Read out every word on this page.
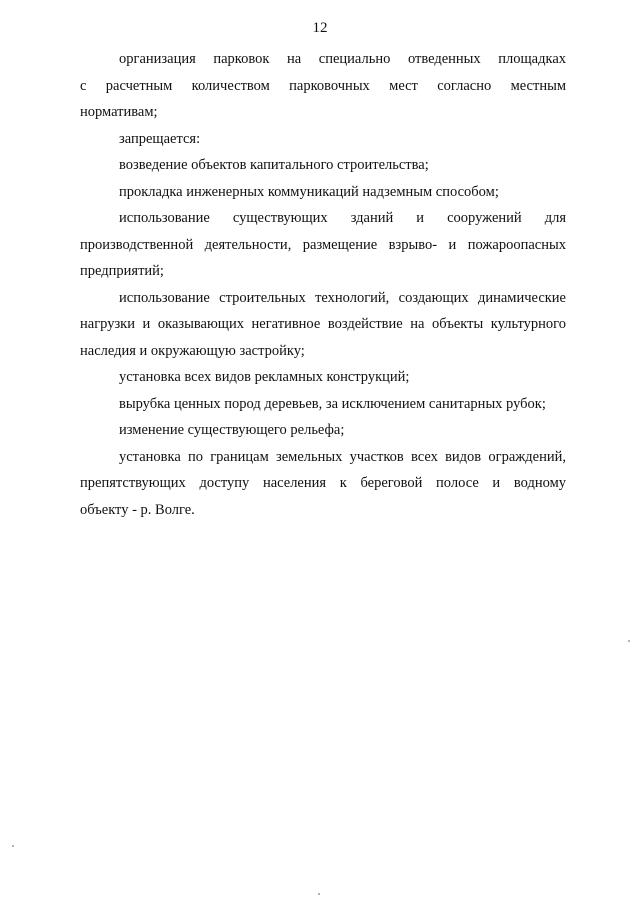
12
организация парковок на специально отведенных площадках
с расчетным количеством парковочных мест согласно местным
нормативам;
запрещается:
возведение объектов капитального строительства;
прокладка инженерных коммуникаций надземным способом;
использование существующих зданий и сооружений для
производственной деятельности, размещение взрыво- и пожароопасных
предприятий;
использование строительных технологий, создающих динамические
нагрузки и оказывающих негативное воздействие на объекты культурного
наследия и окружающую застройку;
установка всех видов рекламных конструкций;
вырубка ценных пород деревьев, за исключением санитарных рубок;
изменение существующего рельефа;
установка по границам земельных участков всех видов ограждений,
препятствующих доступу населения к береговой полосе и водному
объекту - р. Волге.
